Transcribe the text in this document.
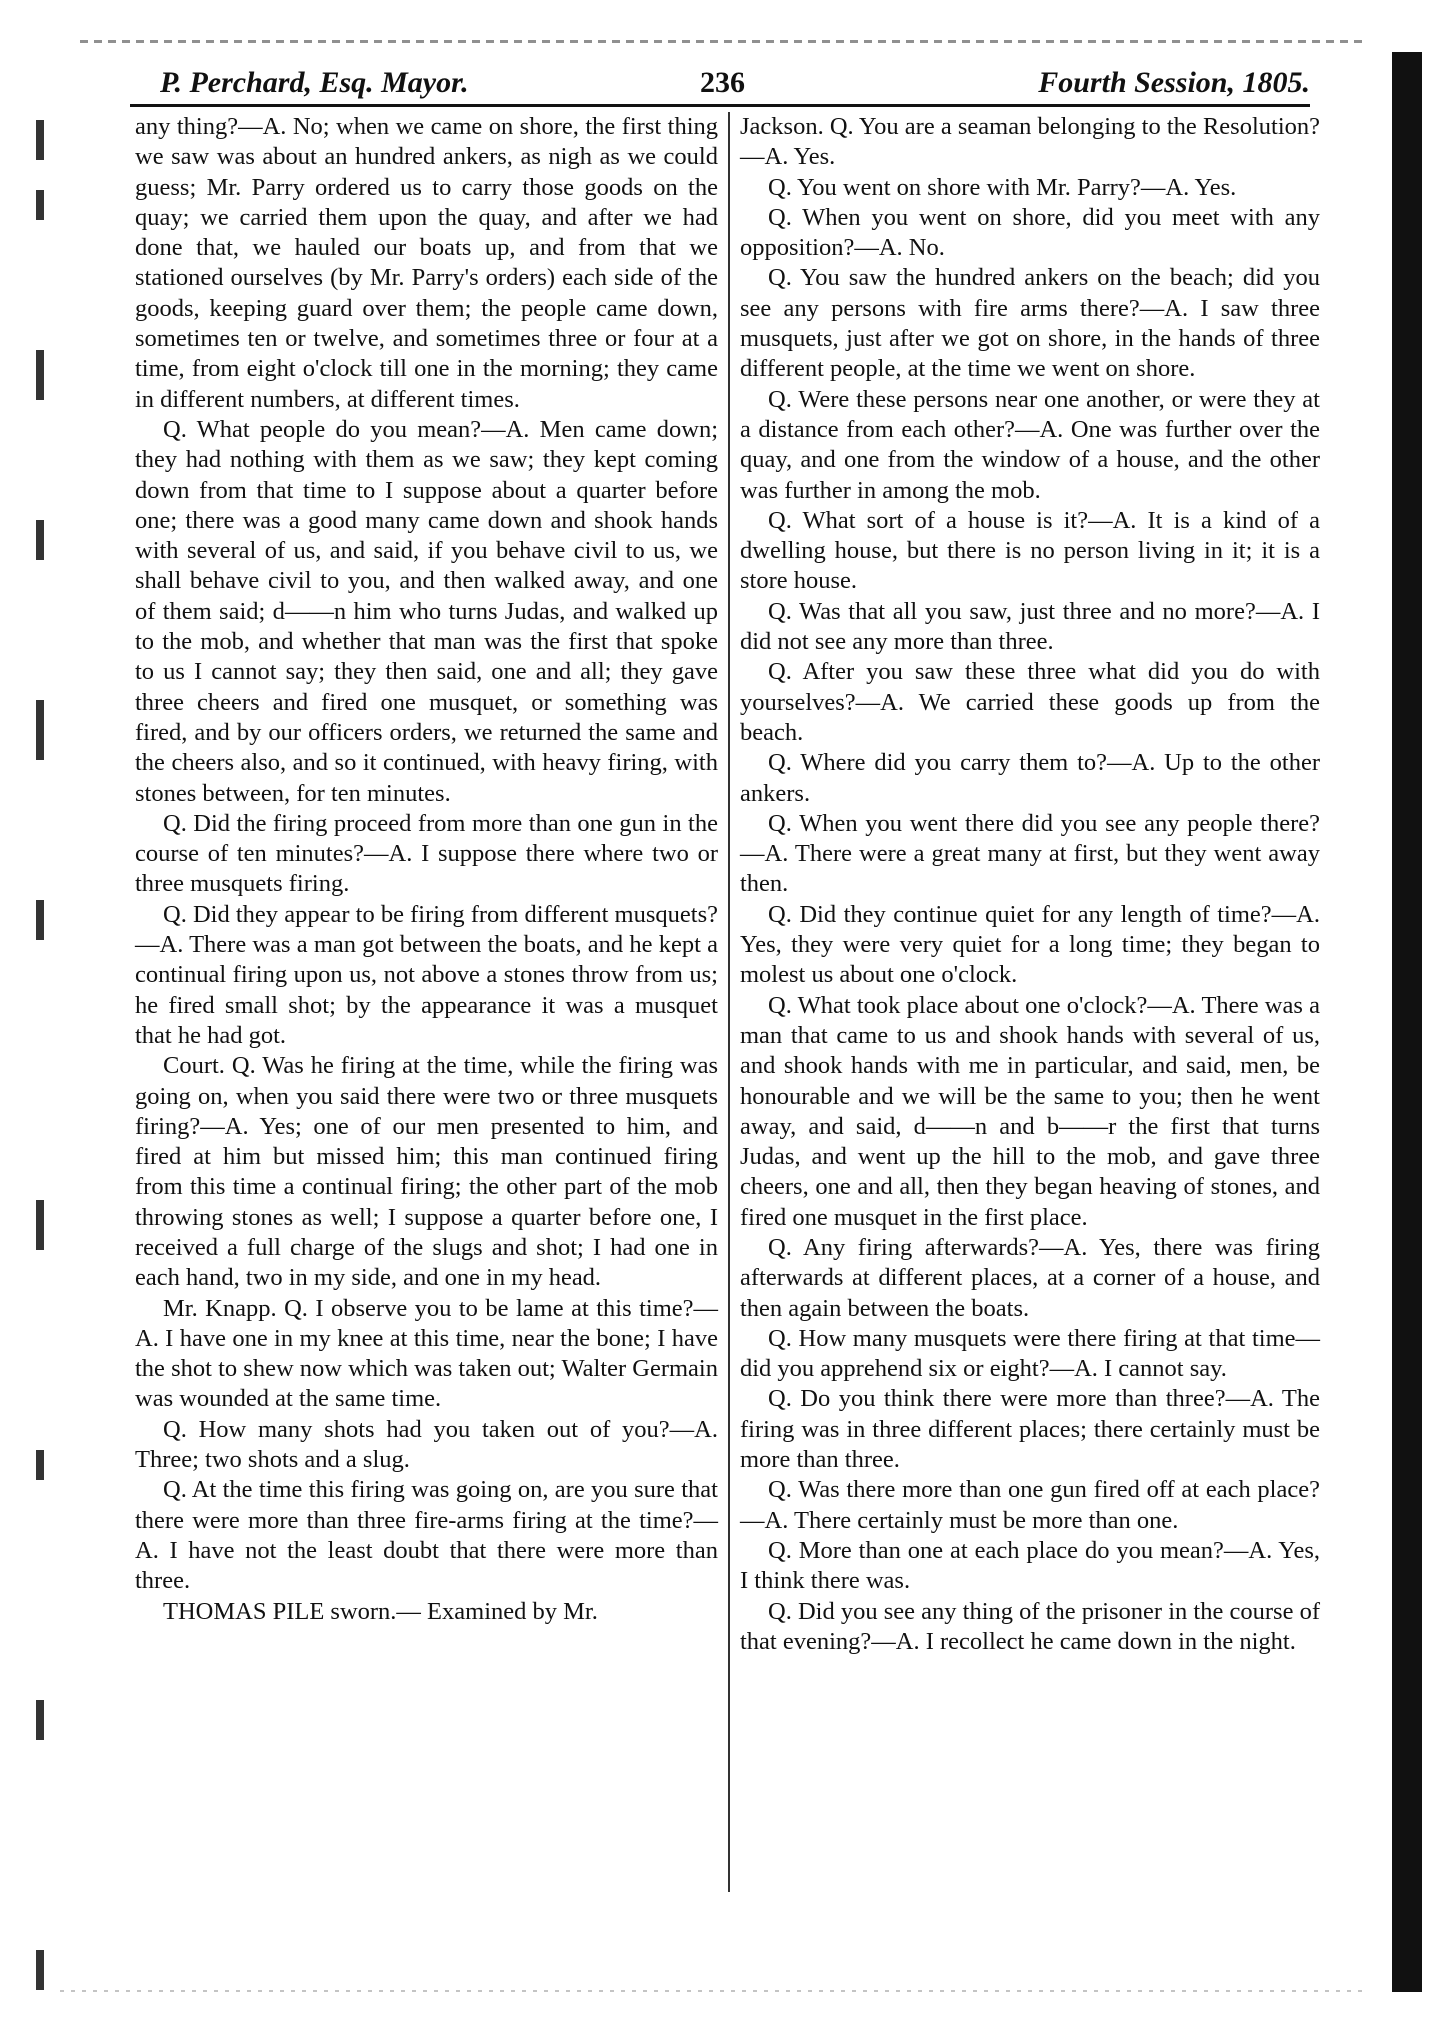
P. Perchard, Esq. Mayor.	236	Fourth Session, 1805.

any thing?—A. No; when we came on shore, the first thing we saw was about an hundred ankers, as nigh as we could guess; Mr. Parry ordered us to carry those goods on the quay; we carried them upon the quay, and after we had done that, we hauled our boats up, and from that we stationed ourselves (by Mr. Parry's orders) each side of the goods, keeping guard over them; the people came down, sometimes ten or twelve, and sometimes three or four at a time, from eight o'clock till one in the morning; they came in different numbers, at different times.

Q. What people do you mean?—A. Men came down; they had nothing with them as we saw; they kept coming down from that time to I suppose about a quarter before one; there was a good many came down and shook hands with several of us, and said, if you behave civil to us, we shall behave civil to you, and then walked away, and one of them said; d——n him who turns Judas, and walked up to the mob, and whether that man was the first that spoke to us I cannot say; they then said, one and all; they gave three cheers and fired one musquet, or something was fired, and by our officers orders, we returned the same and the cheers also, and so it continued, with heavy firing, with stones between, for ten minutes.

Q. Did the firing proceed from more than one gun in the course of ten minutes?—A. I suppose there where two or three musquets firing.

Q. Did they appear to be firing from different musquets?—A. There was a man got between the boats, and he kept a continual firing upon us, not above a stones throw from us; he fired small shot; by the appearance it was a musquet that he had got.

Court. Q. Was he firing at the time, while the firing was going on, when you said there were two or three musquets firing?—A. Yes; one of our men presented to him, and fired at him but missed him; this man continued firing from this time a continual firing; the other part of the mob throwing stones as well; I suppose a quarter before one, I received a full charge of the slugs and shot; I had one in each hand, two in my side, and one in my head.

Mr. Knapp. Q. I observe you to be lame at this time?—A. I have one in my knee at this time, near the bone; I have the shot to shew now which was taken out; Walter Germain was wounded at the same time.

Q. How many shots had you taken out of you?—A. Three; two shots and a slug.

Q. At the time this firing was going on, are you sure that there were more than three fire-arms firing at the time?—A. I have not the least doubt that there were more than three.

THOMAS PILE sworn.— Examined by Mr.

Jackson. Q. You are a seaman belonging to the Resolution?—A. Yes.

Q. You went on shore with Mr. Parry?—A. Yes.

Q. When you went on shore, did you meet with any opposition?—A. No.

Q. You saw the hundred ankers on the beach; did you see any persons with fire arms there?—A. I saw three musquets, just after we got on shore, in the hands of three different people, at the time we went on shore.

Q. Were these persons near one another, or were they at a distance from each other?—A. One was further over the quay, and one from the window of a house, and the other was further in among the mob.

Q. What sort of a house is it?—A. It is a kind of a dwelling house, but there is no person living in it; it is a store house.

Q. Was that all you saw, just three and no more?—A. I did not see any more than three.

Q. After you saw these three what did you do with yourselves?—A. We carried these goods up from the beach.

Q. Where did you carry them to?—A. Up to the other ankers.

Q. When you went there did you see any people there?—A. There were a great many at first, but they went away then.

Q. Did they continue quiet for any length of time?—A. Yes, they were very quiet for a long time; they began to molest us about one o'clock.

Q. What took place about one o'clock?—A. There was a man that came to us and shook hands with several of us, and shook hands with me in particular, and said, men, be honourable and we will be the same to you; then he went away, and said, d——n and b——r the first that turns Judas, and went up the hill to the mob, and gave three cheers, one and all, then they began heaving of stones, and fired one musquet in the first place.

Q. Any firing afterwards?—A. Yes, there was firing afterwards at different places, at a corner of a house, and then again between the boats.

Q. How many musquets were there firing at that time—did you apprehend six or eight?—A. I cannot say.

Q. Do you think there were more than three?—A. The firing was in three different places; there certainly must be more than three.

Q. Was there more than one gun fired off at each place?—A. There certainly must be more than one.

Q. More than one at each place do you mean?—A. Yes, I think there was.

Q. Did you see any thing of the prisoner in the course of that evening?—A. I recollect he came down in the night.
